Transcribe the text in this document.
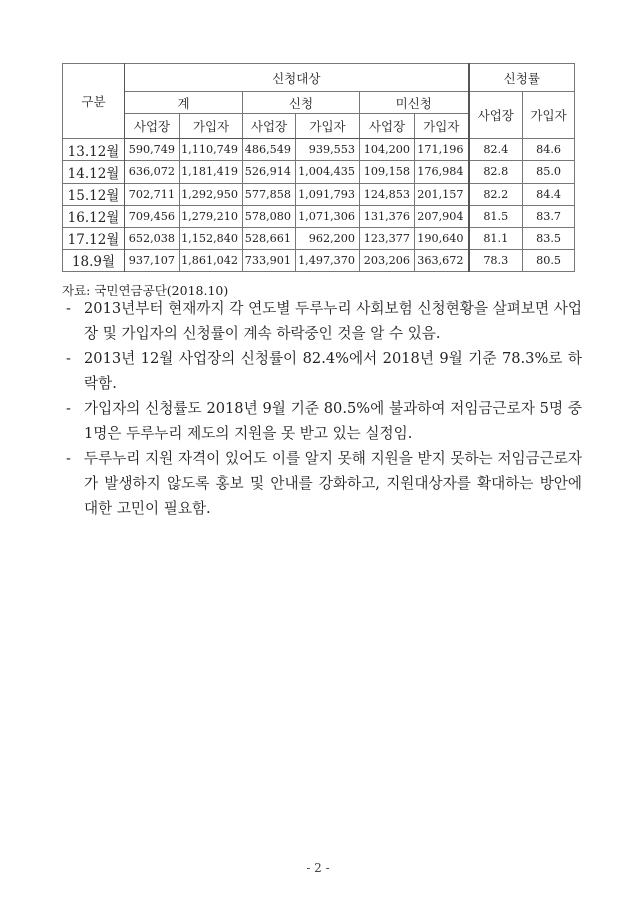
구분	신청대상						신청률	
	계		신청		미신청		사업장	가입자
	사업장	가입자	사업장	가입자	사업장	가입자		
13.12월	590,749	1,110,749	486,549	939,553	104,200	171,196	82.4	84.6
14.12월	636,072	1,181,419	526,914	1,004,435	109,158	176,984	82.8	85.0
15.12월	702,711	1,292,950	577,858	1,091,793	124,853	201,157	82.2	84.4
16.12월	709,456	1,279,210	578,080	1,071,306	131,376	207,904	81.5	83.7
17.12월	652,038	1,152,840	528,661	962,200	123,377	190,640	81.1	83.5
18.9월	937,107	1,861,042	733,901	1,497,370	203,206	363,672	78.3	80.5
자료: 국민연금공단(2018.10)
- 2013년부터 현재까지 각 연도별 두루누리 사회보험 신청현황을 살펴보면 사업장 및 가입자의 신청률이 계속 하락중인 것을 알 수 있음.
- 2013년 12월 사업장의 신청률이 82.4%에서 2018년 9월 기준 78.3%로 하락함.
- 가입자의 신청률도 2018년 9월 기준 80.5%에 불과하여 저임금근로자 5명 중 1명은 두루누리 제도의 지원을 못 받고 있는 실정임.
- 두루누리 지원 자격이 있어도 이를 알지 못해 지원을 받지 못하는 저임금근로자가 발생하지 않도록 홍보 및 안내를 강화하고, 지원대상자를 확대하는 방안에 대한 고민이 필요함.
- 2 -
